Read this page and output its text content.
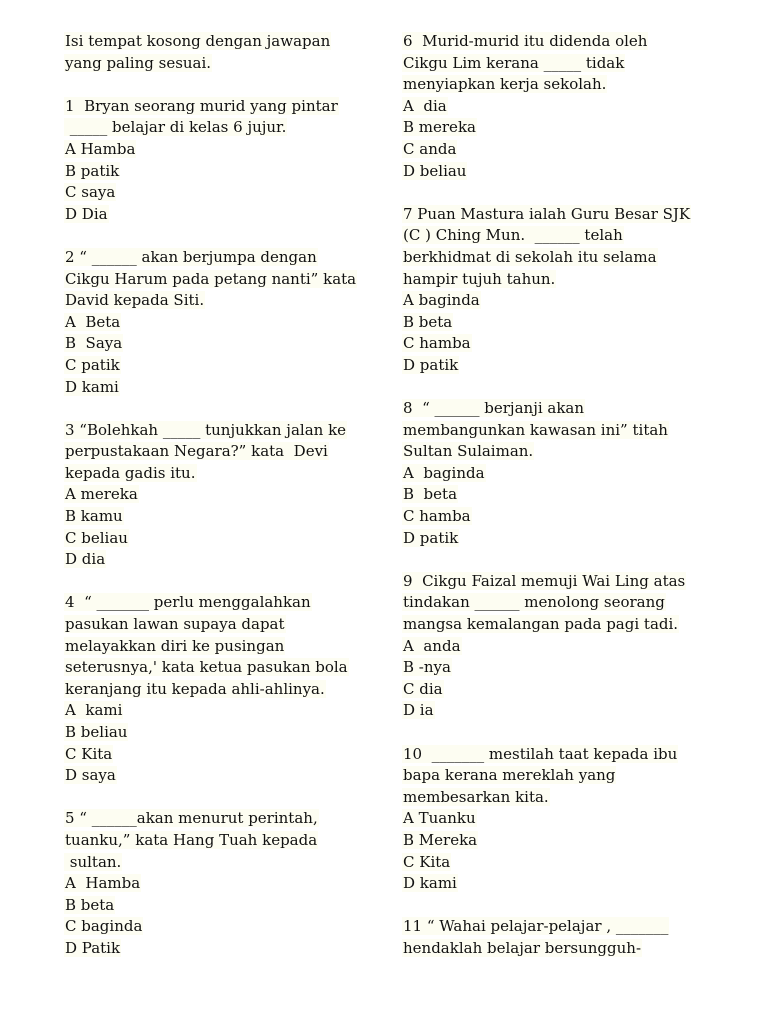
Isi tempat kosong dengan jawapan
yang paling sesuai.
1  Bryan seorang murid yang pintar
_____ belajar di kelas 6 jujur.
A Hamba
B patik
C saya
D Dia
2 “ ______ akan berjumpa dengan
Cikgu Harum pada petang nanti” kata
David kepada Siti.
A  Beta
B  Saya
C patik
D kami
3 “Bolehkah _____ tunjukkan jalan ke
perpustakaan Negara?” kata  Devi
kepada gadis itu.
A mereka
B kamu
C beliau
D dia
4  “ _______ perlu menggalahkan
pasukan lawan supaya dapat
melayakkan diri ke pusingan
seterusnya,' kata ketua pasukan bola
keranjang itu kepada ahli-ahlinya.
A  kami
B beliau
C Kita
D saya
5 “ ______akan menurut perintah,
tuanku,” kata Hang Tuah kepada
sultan.
A  Hamba
B beta
C baginda
D Patik
6  Murid-murid itu didenda oleh
Cikgu Lim kerana _____ tidak
menyiapkan kerja sekolah.
A  dia
B mereka
C anda
D beliau
7 Puan Mastura ialah Guru Besar SJK
(C ) Ching Mun.  ______ telah
berkhidmat di sekolah itu selama
hampir tujuh tahun.
A baginda
B beta
C hamba
D patik
8  “ ______ berjanji akan
membangunkan kawasan ini” titah
Sultan Sulaiman.
A  baginda
B  beta
C hamba
D patik
9  Cikgu Faizal memuji Wai Ling atas
tindakan ______ menolong seorang
mangsa kemalangan pada pagi tadi.
A  anda
B -nya
C dia
D ia
10  _______ mestilah taat kepada ibu
bapa kerana mereklah yang
membesarkan kita.
A Tuanku
B Mereka
C Kita
D kami
11 “ Wahai pelajar-pelajar , _______
hendaklah belajar bersungguh-
